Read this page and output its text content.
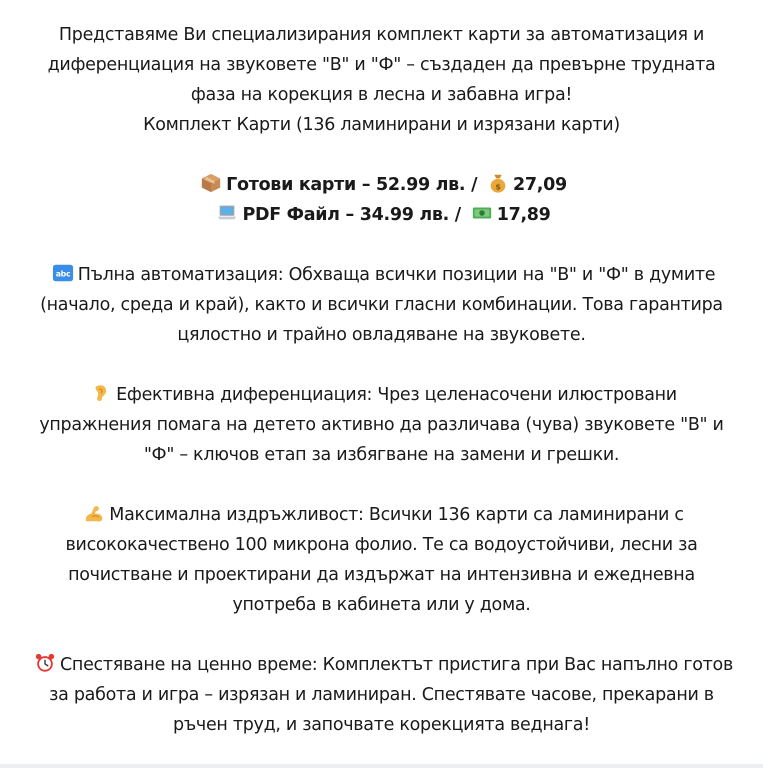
Представяме Ви специализирания комплект карти за автоматизация и
диференциация на звуковете "В" и "Ф" – създаден да превърне трудната
фаза на корекция в лесна и забавна игра!
Комплект Карти (136 ламинирани и изрязани карти)

Готови карти – 52.99 лв. / $ 27,09

PDF Файл – 34.99 лв. / 17,89

abc Пълна автоматизация: Обхваща всички позиции на "В" и "Ф" в думите
(начало, среда и край), както и всички гласни комбинации. Това гарантира
цялостно и трайно овладяване на звуковете.

Ефективна диференциация: Чрез целенасочени илюстровани
упражнения помага на детето активно да различава (чува) звуковете "В" и
"Ф" – ключов етап за избягване на замени и грешки.

Максимална издръжливост: Всички 136 карти са ламинирани с
висококачествено 100 микрона фолио. Те са водоустойчиви, лесни за
почистване и проектирани да издържат на интензивна и ежедневна
употреба в кабинета или у дома.

Спестяване на ценно време: Комплектът пристига при Вас напълно готов
за работа и игра – изрязан и ламиниран. Спестявате часове, прекарани в
ръчен труд, и започвате корекцията веднага!
